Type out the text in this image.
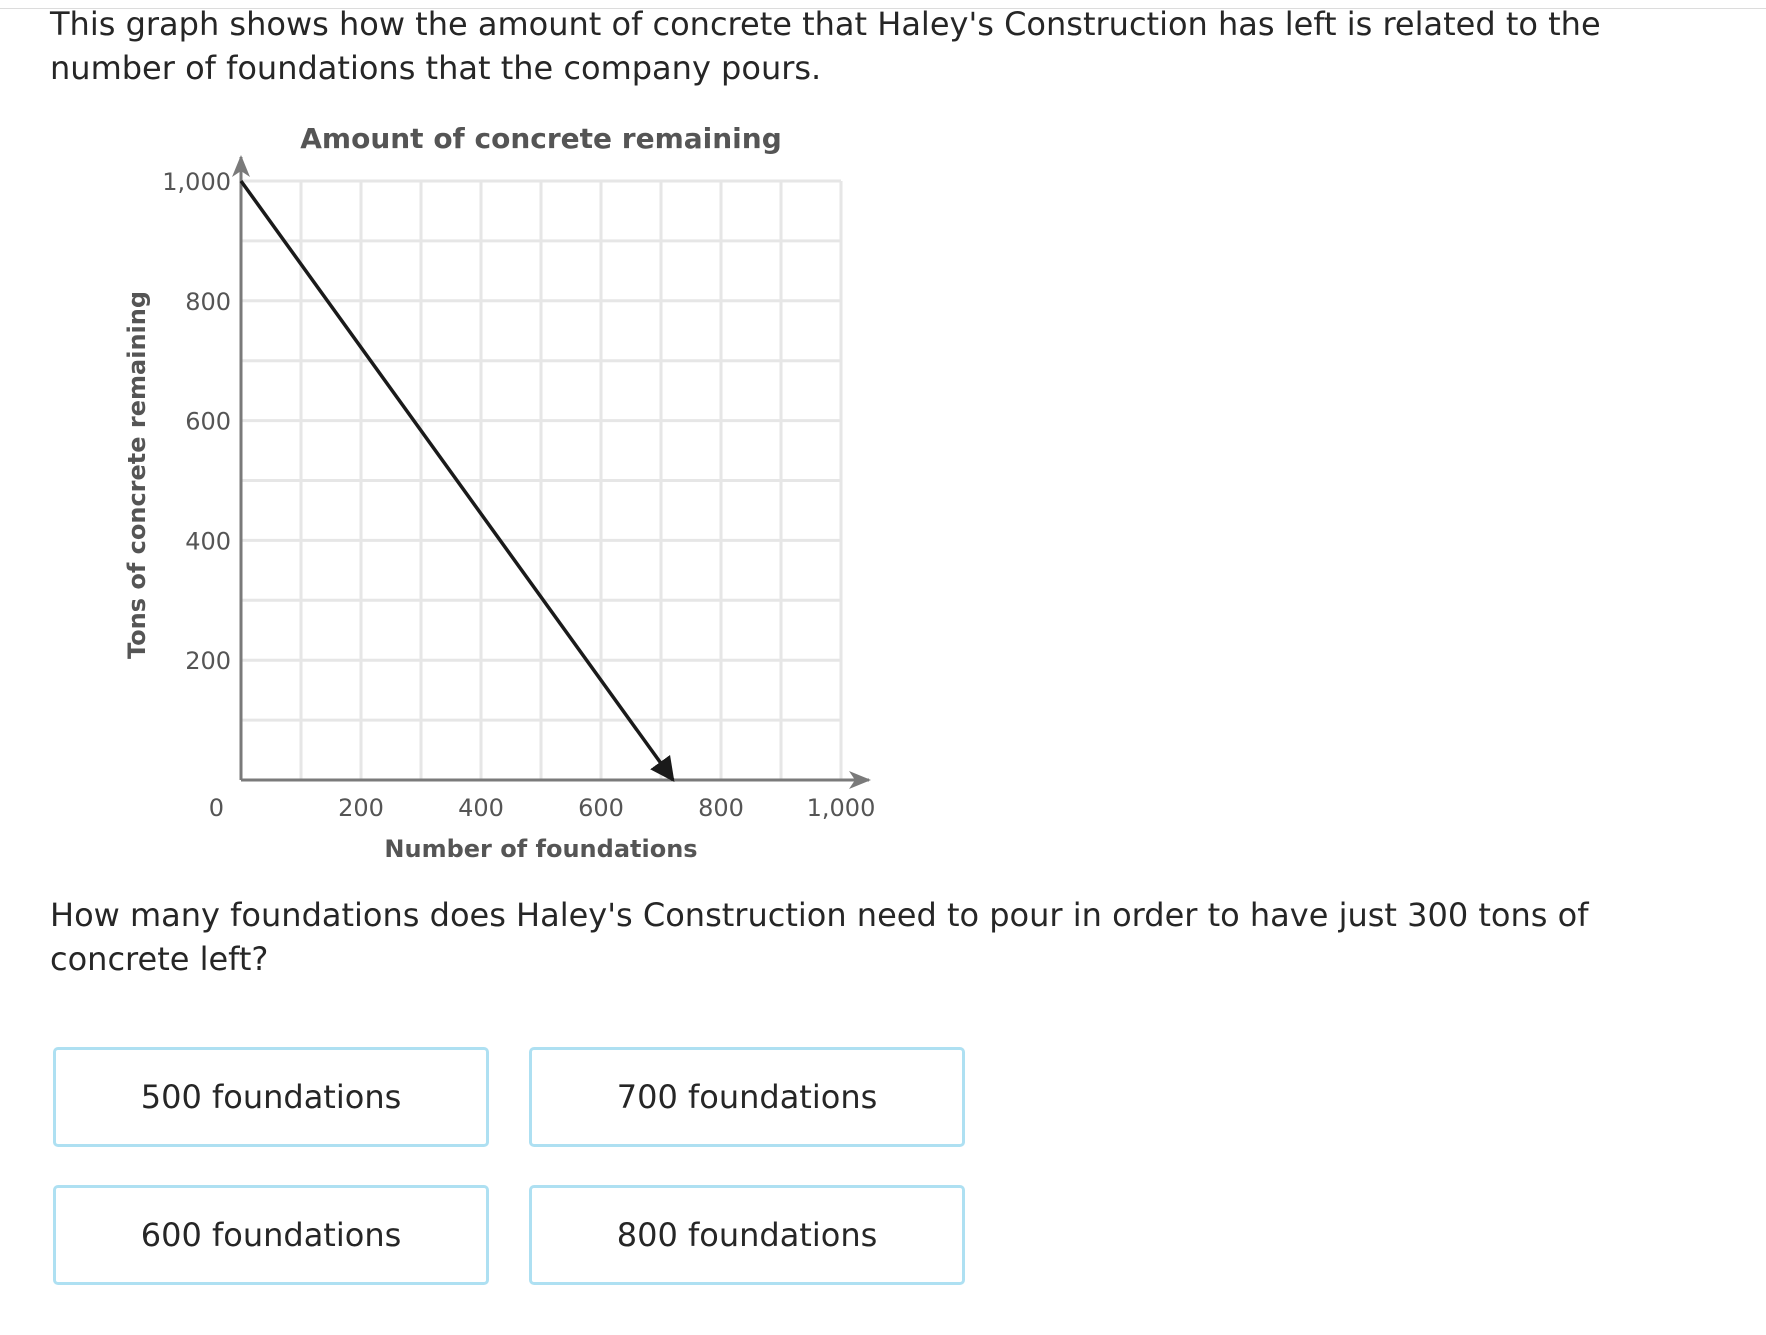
This graph shows how the amount of concrete that Haley's Construction has left is related to the number of foundations that the company pours.

0	200	400	600	800	1,000
200
400
600
800
1,000
Amount of concrete remaining
Number of foundations
Tons of concrete remaining

How many foundations does Haley's Construction need to pour in order to have just 300 tons of concrete left?

500 foundations	700 foundations
600 foundations	800 foundations
